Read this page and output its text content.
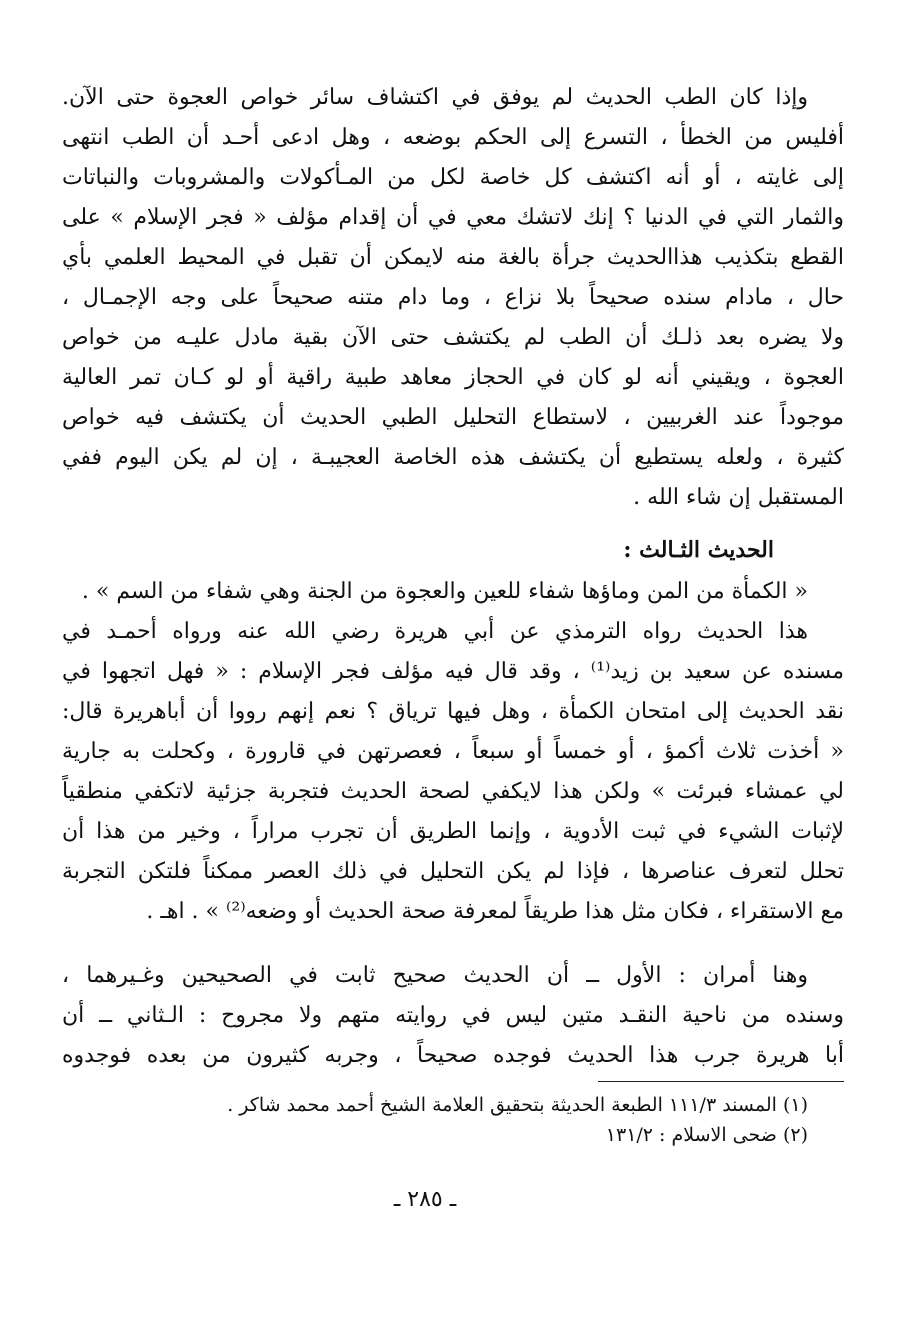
وإذا كان الطب الحديث لم يوفق في اكتشاف سائر خواص العجوة حتى الآن.
أفليس من الخطأ ، التسرع إلى الحكم بوضعه ، وهل ادعى أحـد أن الطب انتهى
إلى غايته ، أو أنه اكتشف كل خاصة لكل من المـأكولات والمشروبات والنباتات
والثمار التي في الدنيا ؟ إنك لاتشك معي في أن إقدام مؤلف « فجر الإسلام » على
القطع بتكذيب هذاالحديث جرأة بالغة منه لايمكن أن تقبل في المحيط العلمي بأي
حال ، مادام سنده صحيحاً بلا نزاع ، وما دام متنه صحيحاً على وجه الإجمـال ،
ولا يضره بعد ذلـك أن الطب لم يكتشف حتى الآن بقية مادل عليـه من خواص
العجوة ، ويقيني أنه لو كان في الحجاز معاهد طبية راقية أو لو كـان تمر العالية
موجوداً عند الغربيين ، لاستطاع التحليل الطبي الحديث أن يكتشف فيه خواص
كثيرة ، ولعله يستطيع أن يكتشف هذه الخاصة العجيبـة ، إن لم يكن اليوم ففي
المستقبل إن شاء الله .
الحديث الثـالث :
« الكمأة من المن وماؤها شفاء للعين والعجوة من الجنة وهي شفاء من السم » .
هذا الحديث رواه الترمذي عن أبي هريرة رضي الله عنه ورواه أحمـد في
مسنده عن سعيد بن زيد⁽¹⁾ ، وقد قال فيه مؤلف فجر الإسلام : « فهل اتجهوا في
نقد الحديث إلى امتحان الكمأة ، وهل فيها ترياق ؟ نعم إنهم رووا أن أباهريرة قال:
« أخذت ثلاث أكمؤ ، أو خمساً أو سبعاً ، فعصرتهن في قارورة ، وكحلت به جارية
لي عمشاء فبرئت » ولكن هذا لايكفي لصحة الحديث فتجربة جزئية لاتكفي منطقياً
لإثبات الشيء في ثبت الأدوية ، وإنما الطريق أن تجرب مراراً ، وخير من هذا أن
تحلل لتعرف عناصرها ، فإذا لم يكن التحليل في ذلك العصر ممكناً فلتكن التجربة
مع الاستقراء ، فكان مثل هذا طريقاً لمعرفة صحة الحديث أو وضعه⁽²⁾ » . اهـ .
وهنا أمران : الأول ــ أن الحديث صحيح ثابت في الصحيحين وغـيرهما ،
وسنده من ناحية النقـد متين ليس في روايته متهم ولا مجروح : الـثاني ــ أن
أبا هريرة جرب هذا الحديث فوجده صحيحاً ، وجربه كثيرون من بعده فوجدوه
(١) المسند ١١١/٣ الطبعة الحديثة بتحقيق العلامة الشيخ أحمد محمد شاكر .
(٢) ضحى الاسلام : ١٣١/٢
ـ ٢٨٥ ـ
